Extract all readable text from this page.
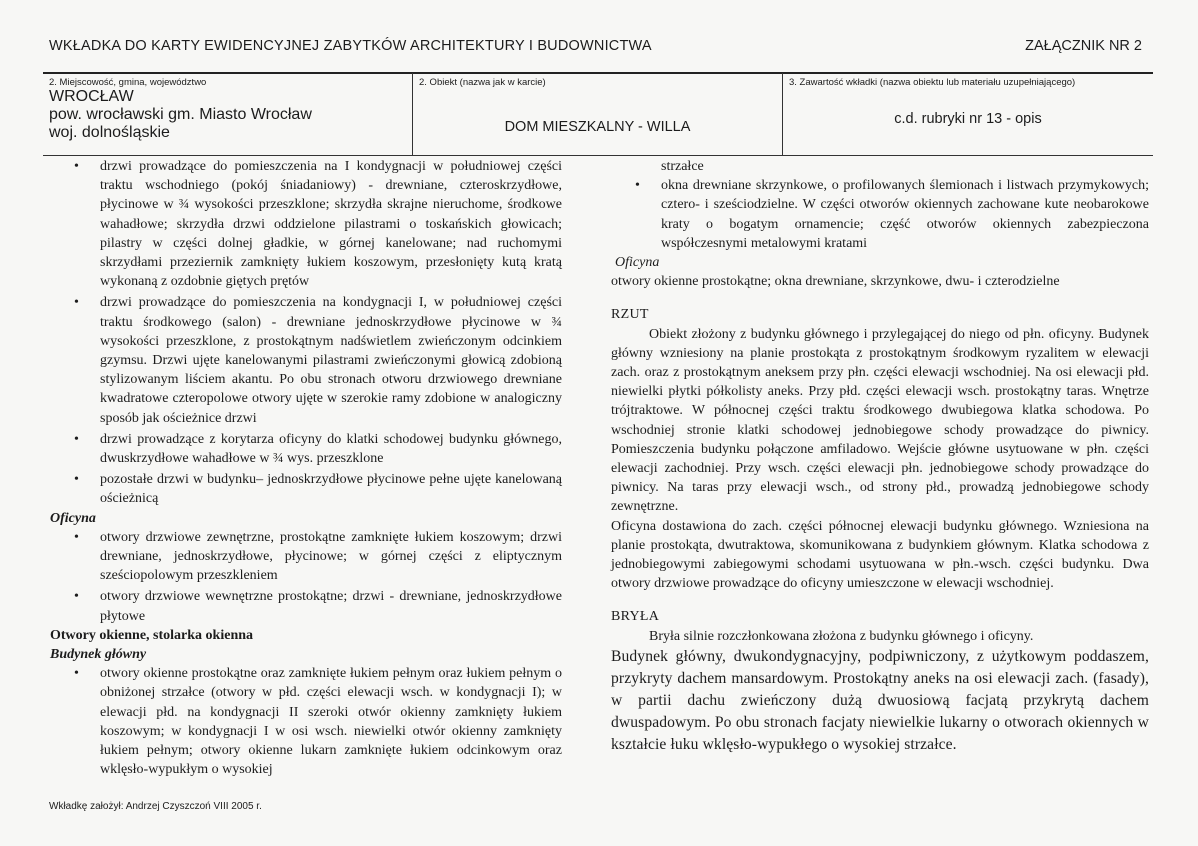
WKŁADKA DO KARTY EWIDENCYJNEJ ZABYTKÓW ARCHITEKTURY I BUDOWNICTWA	ZAŁĄCZNIK NR 2
2. Miejscowość, gmina, województwo
WROCŁAW
pow. wrocławski gm. Miasto Wrocław
woj. dolnośląskie
2. Obiekt (nazwa jak w karcie)
DOM MIESZKALNY - WILLA
3. Zawartość wkładki (nazwa obiektu lub materiału uzupełniającego)
c.d. rubryki nr 13 - opis
• drzwi prowadzące do pomieszczenia na I kondygnacji w południowej części traktu wschodniego (pokój śniadaniowy) - drewniane, czteroskrzydłowe, płycinowe w ¾ wysokości przeszklone; skrzydła skrajne nieruchome, środkowe wahadłowe; skrzydła drzwi oddzielone pilastrami o toskańskich głowicach; pilastry w części dolnej gładkie, w górnej kanelowane; nad ruchomymi skrzydłami przeziernik zamknięty łukiem koszowym, przesłonięty kutą kratą wykonaną z ozdobnie giętych prętów
• drzwi prowadzące do pomieszczenia na kondygnacji I, w południowej części traktu środkowego (salon) - drewniane jednoskrzydłowe płycinowe w ¾ wysokości przeszklone, z prostokątnym nadświetlem zwieńczonym odcinkiem gzymsu. Drzwi ujęte kanelowanymi pilastrami zwieńczonymi głowicą zdobioną stylizowanym liściem akantu. Po obu stronach otworu drzwiowego drewniane kwadratowe czteropolowe otwory ujęte w szerokie ramy zdobione w analogiczny sposób jak ościeżnice drzwi
• drzwi prowadzące z korytarza oficyny do klatki schodowej budynku głównego, dwuskrzydłowe wahadłowe w ¾ wys. przeszklone
• pozostałe drzwi w budynku– jednoskrzydłowe płycinowe pełne ujęte kanelowaną ościeżnicą
Oficyna
• otwory drzwiowe zewnętrzne, prostokątne zamknięte łukiem koszowym; drzwi drewniane, jednoskrzydłowe, płycinowe; w górnej części z eliptycznym sześciopolowym przeszkleniem
• otwory drzwiowe wewnętrzne prostokątne; drzwi - drewniane, jednoskrzydłowe płytowe
Otwory okienne, stolarka okienna
Budynek główny
• otwory okienne prostokątne oraz zamknięte łukiem pełnym oraz łukiem pełnym o obniżonej strzałce (otwory w płd. części elewacji wsch. w kondygnacji I); w elewacji płd. na kondygnacji II szeroki otwór okienny zamknięty łukiem koszowym; w kondygnacji I w osi wsch. niewielki otwór okienny zamknięty łukiem pełnym; otwory okienne lukarn zamknięte łukiem odcinkowym oraz wklęsło-wypukłym o wysokiej
strzałce
• okna drewniane skrzynkowe, o profilowanych ślemionach i listwach przymykowych; cztero- i sześciodzielne. W części otworów okiennych zachowane kute neobarokowe kraty o bogatym ornamencie; część otworów okiennych zabezpieczona współczesnymi metalowymi kratami
Oficyna
otwory okienne prostokątne; okna drewniane, skrzynkowe, dwu- i czterodzielne
RZUT
Obiekt złożony z budynku głównego i przylegającej do niego od płn. oficyny. Budynek główny wzniesiony na planie prostokąta z prostokątnym środkowym ryzalitem w elewacji zach. oraz z prostokątnym aneksem przy płn. części elewacji wschodniej. Na osi elewacji płd. niewielki płytki półkolisty aneks. Przy płd. części elewacji wsch. prostokątny taras. Wnętrze trójtraktowe. W północnej części traktu środkowego dwubiegowa klatka schodowa. Po wschodniej stronie klatki schodowej jednobiegowe schody prowadzące do piwnicy. Pomieszczenia budynku połączone amfiladowo. Wejście główne usytuowane w płn. części elewacji zachodniej. Przy wsch. części elewacji płn. jednobiegowe schody prowadzące do piwnicy. Na taras przy elewacji wsch., od strony płd., prowadzą jednobiegowe schody zewnętrzne.
Oficyna dostawiona do zach. części północnej elewacji budynku głównego. Wzniesiona na planie prostokąta, dwutraktowa, skomunikowana z budynkiem głównym. Klatka schodowa z jednobiegowymi zabiegowymi schodami usytuowana w płn.-wsch. części budynku. Dwa otwory drzwiowe prowadzące do oficyny umieszczone w elewacji wschodniej.
BRYŁA
Bryła silnie rozczłonkowana złożona z budynku głównego i oficyny.
Budynek główny, dwukondygnacyjny, podpiwniczony, z użytkowym poddaszem, przykryty dachem mansardowym. Prostokątny aneks na osi elewacji zach. (fasady), w partii dachu zwieńczony dużą dwuosiową facjatą przykrytą dachem dwuspadowym. Po obu stronach facjaty niewielkie lukarny o otworach okiennych w kształcie łuku wklęsło-wypukłego o wysokiej strzałce.
Wkładkę założył: Andrzej Czyszczoń VIII 2005 r.
